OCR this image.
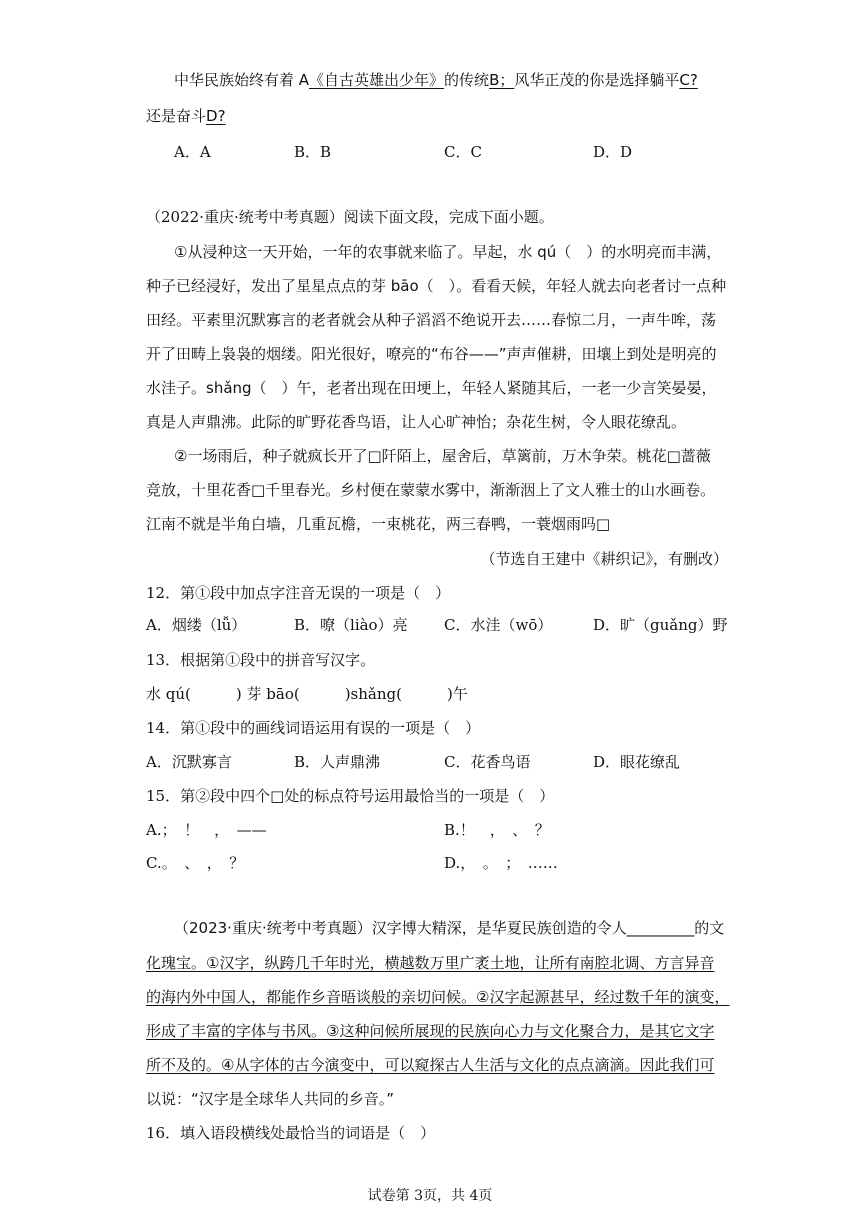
中华民族始终有着 A《自古英雄出少年》的传统B；风华正茂的你是选择躺平C?
还是奋斗D?
A．A	B．B	C．C	D．D
（2022·重庆·统考中考真题）阅读下面文段，完成下面小题。
①从浸种这一天开始，一年的农事就来临了。早起，水 qú（　）的水明亮而丰满，
种子已经浸好，发出了星星点点的芽 bāo（　）。看看天候，年轻人就去向老者讨一点种
田经。平素里沉默寡言的老者就会从种子滔滔不绝说开去……春惊二月，一声牛哞，荡
开了田畴上袅袅的烟缕。阳光很好，嘹亮的“布谷——”声声催耕，田壤上到处是明亮的
水洼子。shǎng（　）午，老者出现在田埂上，年轻人紧随其后，一老一少言笑晏晏，
真是人声鼎沸。此际的旷野花香鸟语，让人心旷神怡；杂花生树，令人眼花缭乱。
②一场雨后，种子就疯长开了□阡陌上，屋舍后，草篱前，万木争荣。桃花□蔷薇
竞放，十里花香□千里春光。乡村便在蒙蒙水雾中，渐渐洇上了文人雅士的山水画卷。
江南不就是半角白墙，几重瓦檐，一束桃花，两三春鸭，一蓑烟雨吗□
（节选自王建中《耕织记》，有删改）
12．第①段中加点字注音无误的一项是（　）
A．烟缕（lǚ）	B．嘹（liào）亮 C．水洼（wō）	D．旷（guǎng）野
13．根据第①段中的拼音写汉字。
水 qú(　　　) 芽 bāo(　　　)shǎng(　　　)午
14．第①段中的画线词语运用有误的一项是（　）
A．沉默寡言	B．人声鼎沸	C．花香鸟语	D．眼花缭乱
15．第②段中四个□处的标点符号运用最恰当的一项是（　）
A.；　！　，　——	B.！　，　、　？
C.。　、　，　？	D.，　。　；　……
（2023·重庆·统考中考真题）汉字博大精深，是华夏民族创造的令人_________的文
化瑰宝。①汉字，纵跨几千年时光，横越数万里广袤土地，让所有南腔北调、方言异音
的海内外中国人，都能作乡音晤谈般的亲切问候。②汉字起源甚早，经过数千年的演变，
形成了丰富的字体与书风。③这种问候所展现的民族向心力与文化聚合力，是其它文字
所不及的。④从字体的古今演变中，可以窥探古人生活与文化的点点滴滴。因此我们可
以说：“汉字是全球华人共同的乡音。”
16．填入语段横线处最恰当的词语是（　）
试卷第 3页，共 4页
